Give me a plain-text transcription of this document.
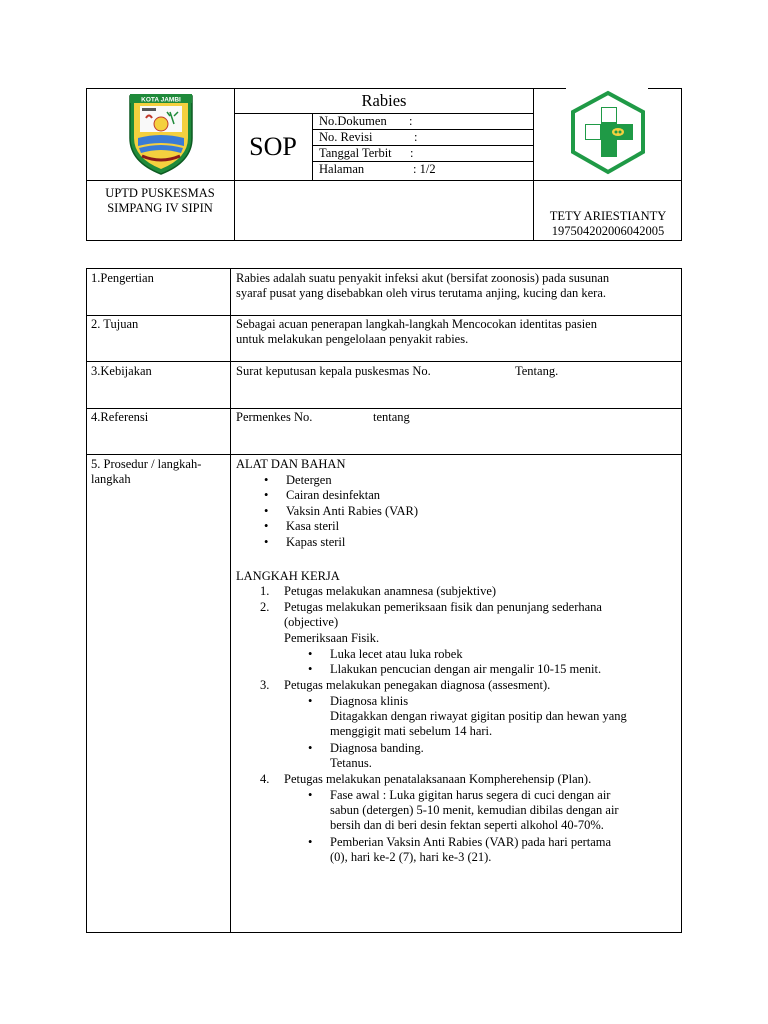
KOTA JAMBI	Rabies
SOP
No.Dokumen :
No. Revisi	:
Tanggal Terbit :
Halaman	: 1/2
UPTD PUSKESMAS
SIMPANG IV SIPIN
TETY ARIESTIANTY
197504202006042005
1.Pengertian	Rabies adalah suatu penyakit infeksi akut (bersifat zoonosis) pada susunan
syaraf pusat yang disebabkan oleh virus terutama anjing, kucing dan kera.
2. Tujuan	Sebagai acuan penerapan langkah-langkah Mencocokan identitas pasien
untuk melakukan pengelolaan penyakit rabies.
3.Kebijakan	Surat keputusan kepala puskesmas No.	Tentang.
4.Referensi	Permenkes No.	tentang
5. Prosedur / langkah-
langkah
ALAT DAN BAHAN
• Detergen
• Cairan desinfektan
• Vaksin Anti Rabies (VAR)
• Kasa steril
• Kapas steril
LANGKAH KERJA
1. Petugas melakukan anamnesa (subjektive)
2. Petugas melakukan pemeriksaan fisik dan penunjang sederhana
(objective)
Pemeriksaan Fisik.
• Luka lecet atau luka robek
• Llakukan pencucian dengan air mengalir 10-15 menit.
3. Petugas melakukan penegakan diagnosa (assesment).
• Diagnosa klinis
Ditagakkan dengan riwayat gigitan positip dan hewan yang
menggigit mati sebelum 14 hari.
• Diagnosa banding.
Tetanus.
4. Petugas melakukan penatalaksanaan Kompherehensip (Plan).
• Fase awal : Luka gigitan harus segera di cuci dengan air
sabun (detergen) 5-10 menit, kemudian dibilas dengan air
bersih dan di beri desin fektan seperti alkohol 40-70%.
• Pemberian Vaksin Anti Rabies (VAR) pada hari pertama
(0), hari ke-2 (7), hari ke-3 (21).
